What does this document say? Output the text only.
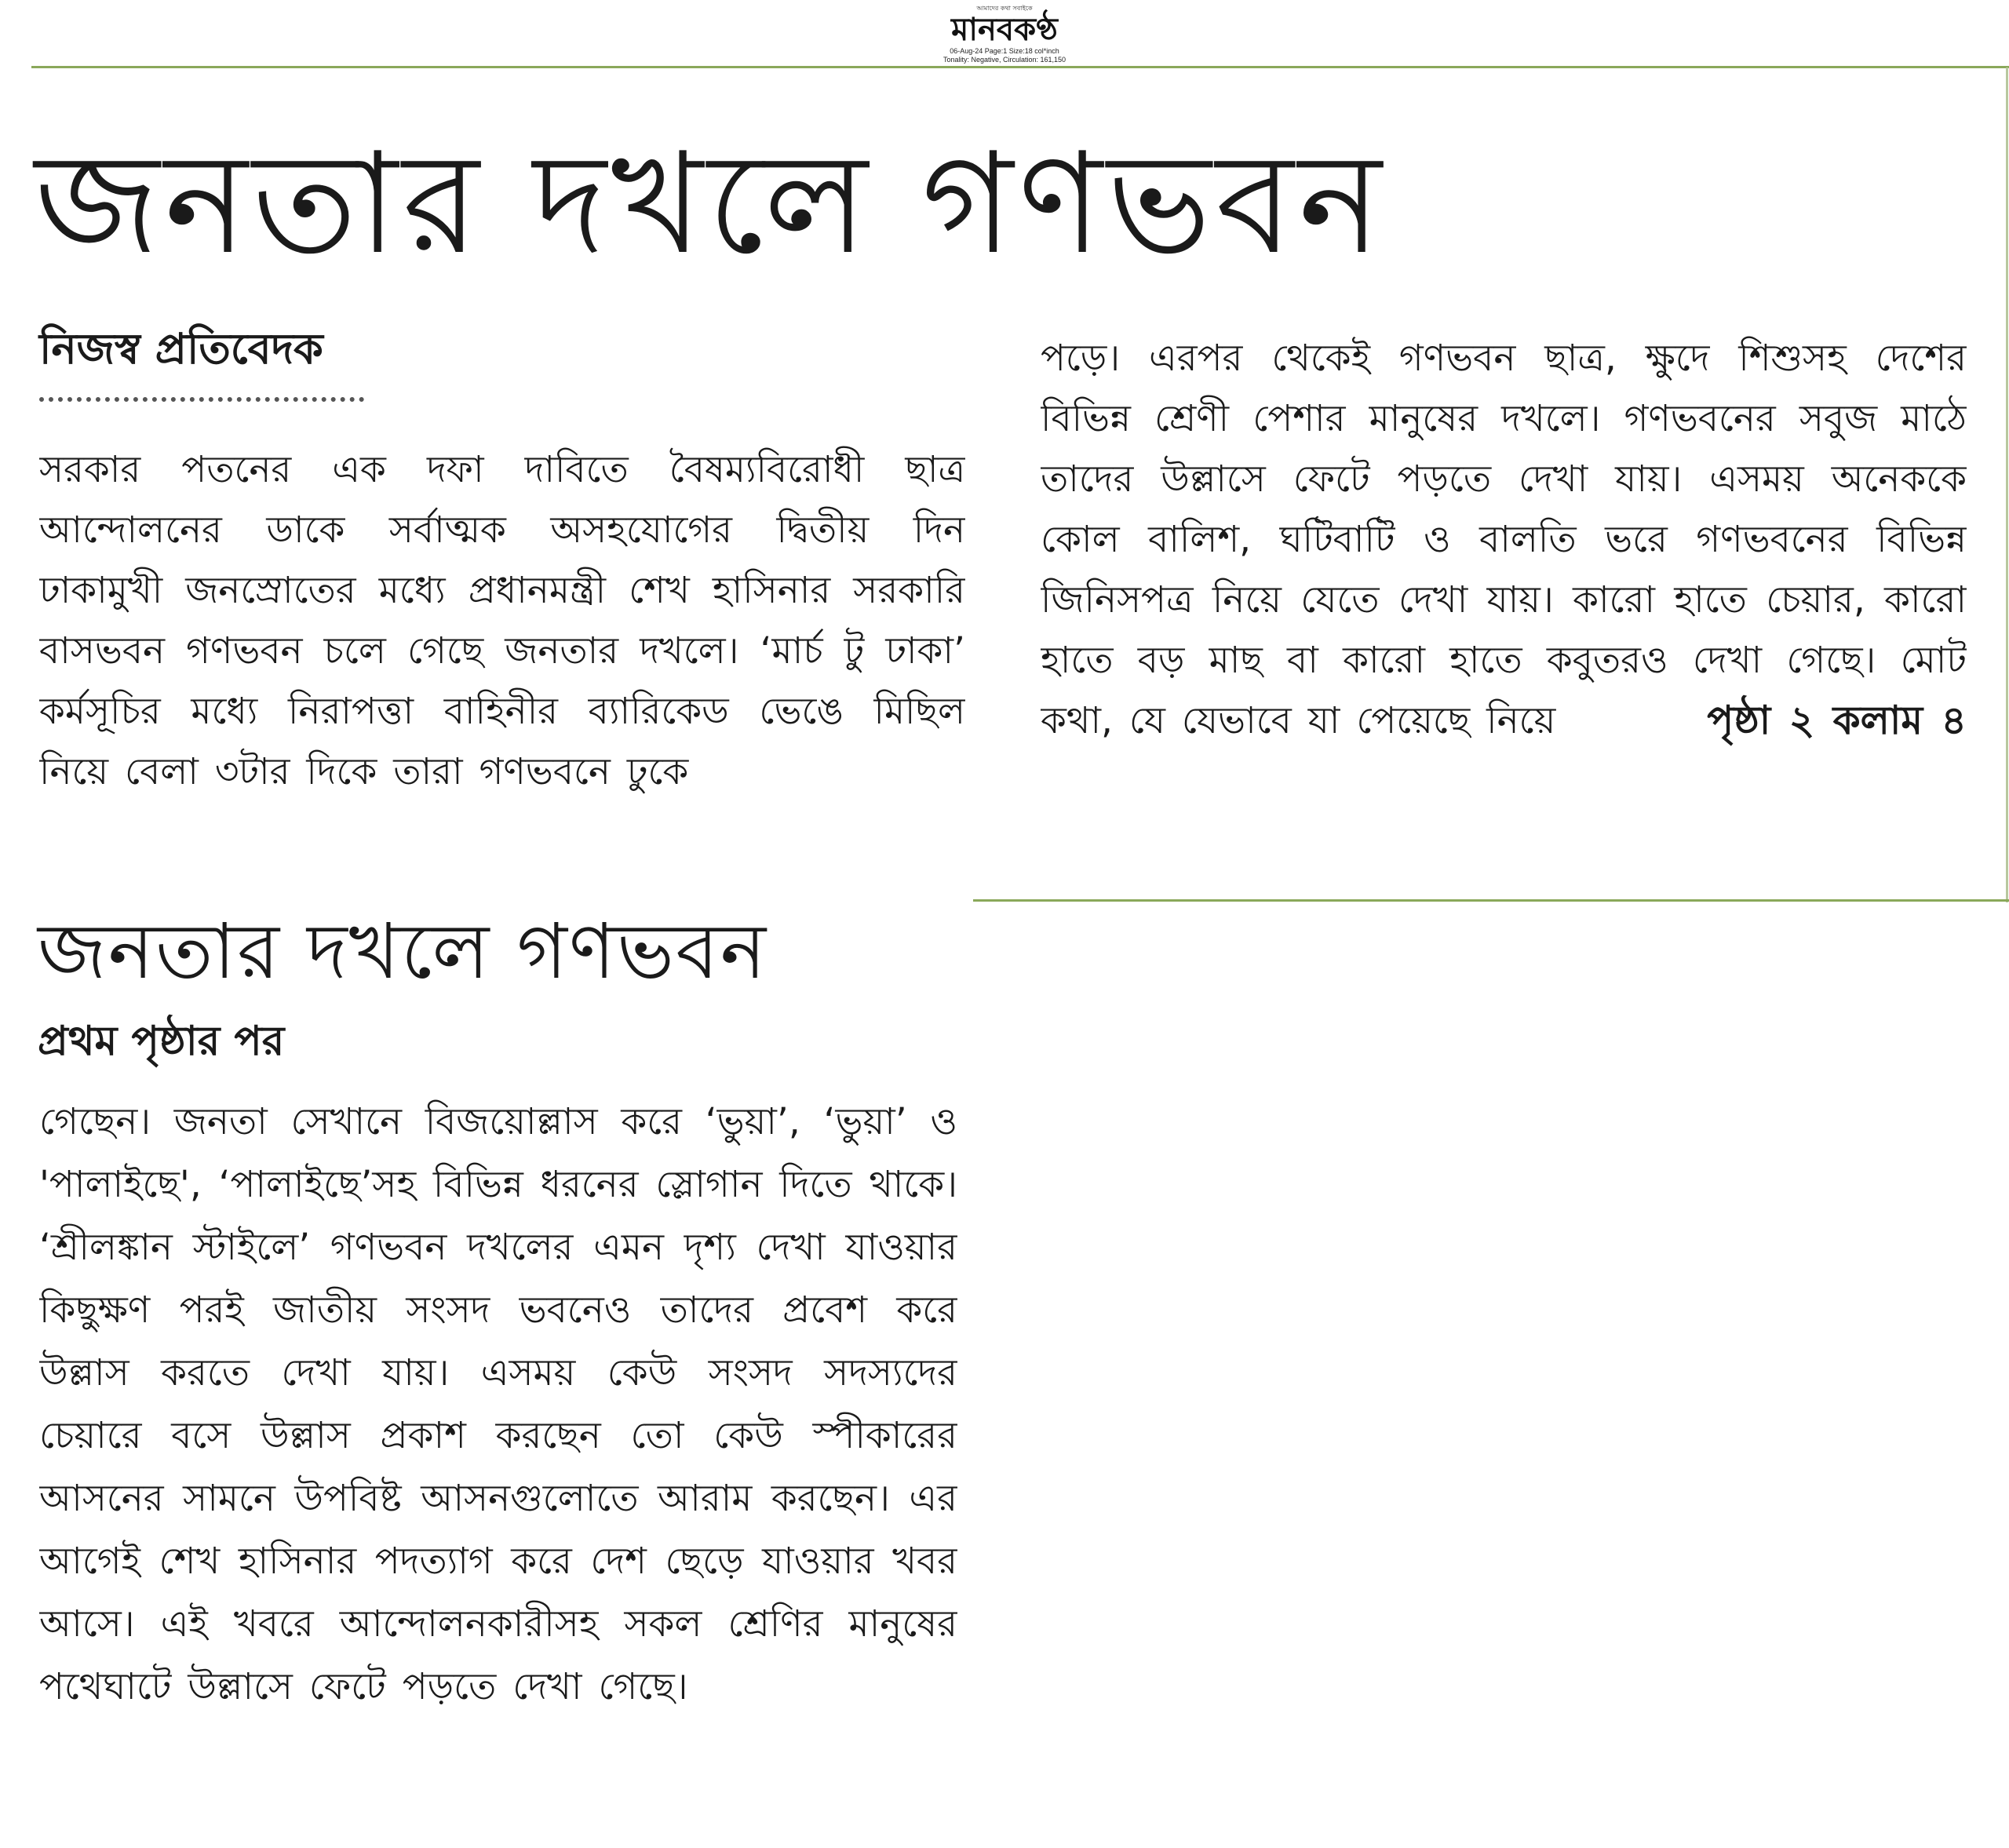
আমাদের কথা সবাইকে
মানবকণ্ঠ
06-Aug-24 Page:1 Size:18 col*inch
Tonality: Negative, Circulation: 161,150
জনতার দখলে গণভবন
নিজস্ব প্রতিবেদক
সরকার পতনের এক দফা দাবিতে বৈষম্যবিরোধী ছাত্র আন্দোলনের ডাকে সর্বাত্মক অসহযোগের দ্বিতীয় দিন ঢাকামুখী জনস্রোতের মধ্যে প্রধানমন্ত্রী শেখ হাসিনার সরকারি বাসভবন গণভবন চলে গেছে জনতার দখলে। ‘মার্চ টু ঢাকা’ কর্মসূচির মধ্যে নিরাপত্তা বাহিনীর ব্যারিকেড ভেঙে মিছিল নিয়ে বেলা ৩টার দিকে তারা গণভবনে ঢুকে
পড়ে। এরপর থেকেই গণভবন ছাত্র, ক্ষুদে শিশুসহ দেশের বিভিন্ন শ্রেণী পেশার মানুষের দখলে। গণভবনের সবুজ মাঠে তাদের উল্লাসে ফেটে পড়তে দেখা যায়। এসময় অনেককে কোল বালিশ, ঘটিবাটি ও বালতি ভরে গণভবনের বিভিন্ন জিনিসপত্র নিয়ে যেতে দেখা যায়। কারো হাতে চেয়ার, কারো হাতে বড় মাছ বা কারো হাতে কবুতরও দেখা গেছে। মোট কথা, যে যেভাবে যা পেয়েছে নিয়ে	পৃষ্ঠা ২ কলাম ৪
জনতার দখলে গণভবন
প্রথম পৃষ্ঠার পর
গেছেন। জনতা সেখানে বিজয়োল্লাস করে ‘ভুয়া’, ‘ভুয়া’ ও 'পালাইছে', ‘পালাইছে’সহ বিভিন্ন ধরনের স্লোগান দিতে থাকে। ‘শ্রীলঙ্কান স্টাইলে’ গণভবন দখলের এমন দৃশ্য দেখা যাওয়ার কিছুক্ষণ পরই জাতীয় সংসদ ভবনেও তাদের প্রবেশ করে উল্লাস করতে দেখা যায়। এসময় কেউ সংসদ সদস্যদের চেয়ারে বসে উল্লাস প্রকাশ করছেন তো কেউ স্পীকারের আসনের সামনে উপবিষ্ট আসনগুলোতে আরাম করছেন। এর আগেই শেখ হাসিনার পদত্যাগ করে দেশ ছেড়ে যাওয়ার খবর আসে। এই খবরে আন্দোলনকারীসহ সকল শ্রেণির মানুষের পথেঘাটে উল্লাসে ফেটে পড়তে দেখা গেছে।
